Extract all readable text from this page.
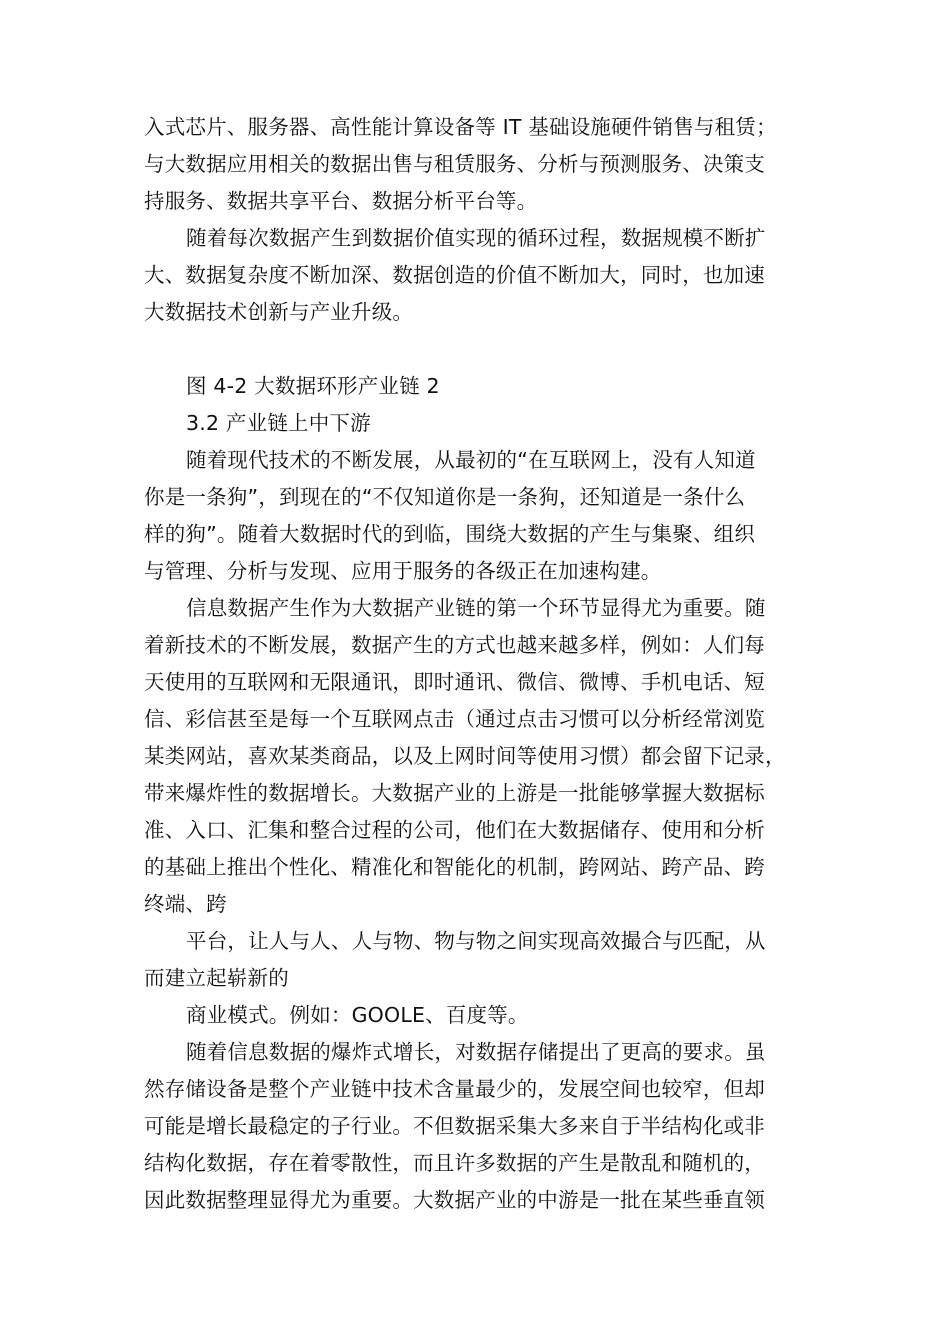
入式芯片、服务器、高性能计算设备等 IT 基础设施硬件销售与租赁；
与大数据应用相关的数据出售与租赁服务、分析与预测服务、决策支
持服务、数据共享平台、数据分析平台等。
随着每次数据产生到数据价值实现的循环过程，数据规模不断扩
大、数据复杂度不断加深、数据创造的价值不断加大，同时，也加速
大数据技术创新与产业升级。
图 4-2 大数据环形产业链 2
3.2 产业链上中下游
随着现代技术的不断发展，从最初的“在互联网上，没有人知道
你是一条狗”，到现在的“不仅知道你是一条狗，还知道是一条什么
样的狗”。随着大数据时代的到临，围绕大数据的产生与集聚、组织
与管理、分析与发现、应用于服务的各级正在加速构建。
信息数据产生作为大数据产业链的第一个环节显得尤为重要。随
着新技术的不断发展，数据产生的方式也越来越多样，例如：人们每
天使用的互联网和无限通讯，即时通讯、微信、微博、手机电话、短
信、彩信甚至是每一个互联网点击（通过点击习惯可以分析经常浏览
某类网站，喜欢某类商品，以及上网时间等使用习惯）都会留下记录，
带来爆炸性的数据增长。大数据产业的上游是一批能够掌握大数据标
准、入口、汇集和整合过程的公司，他们在大数据储存、使用和分析
的基础上推出个性化、精准化和智能化的机制，跨网站、跨产品、跨
终端、跨
平台，让人与人、人与物、物与物之间实现高效撮合与匹配，从
而建立起崭新的
商业模式。例如：GOOLE、百度等。
随着信息数据的爆炸式增长，对数据存储提出了更高的要求。虽
然存储设备是整个产业链中技术含量最少的，发展空间也较窄，但却
可能是增长最稳定的子行业。不但数据采集大多来自于半结构化或非
结构化数据，存在着零散性，而且许多数据的产生是散乱和随机的，
因此数据整理显得尤为重要。大数据产业的中游是一批在某些垂直领
